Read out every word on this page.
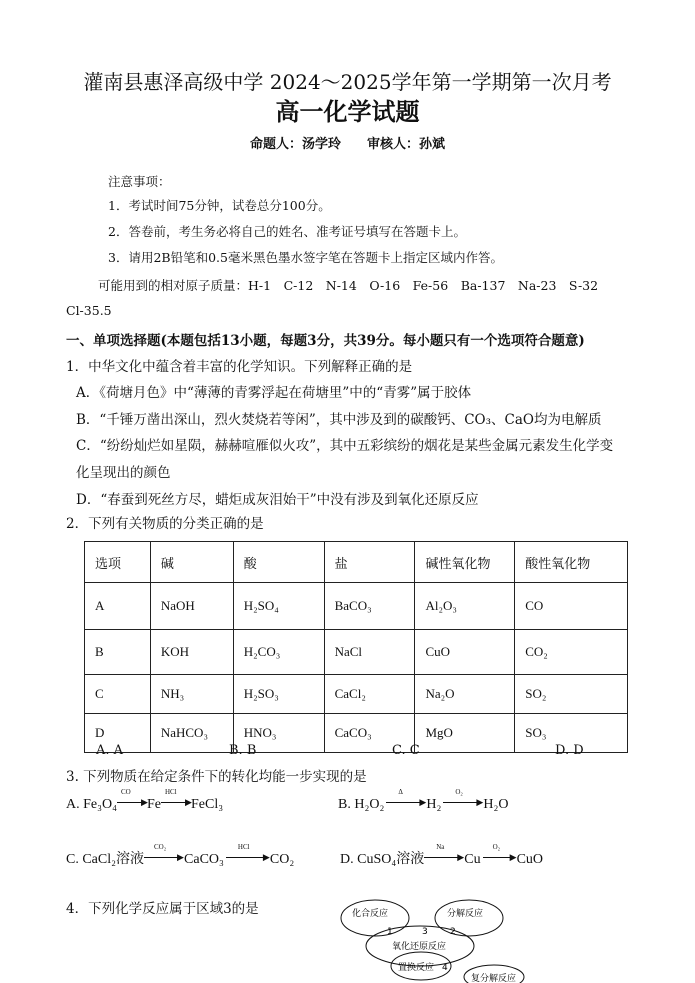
灌南县惠泽高级中学 2024～2025学年第一学期第一次月考
高一化学试题
命题人：汤学玲　　审核人：孙斌
注意事项：
1．考试时间75分钟，试卷总分100分。
2．答卷前，考生务必将自己的姓名、准考证号填写在答题卡上。
3．请用2B铅笔和0.5毫米黑色墨水签字笔在答题卡上指定区域内作答。
可能用到的相对原子质量：H-1　C-12　N-14　O-16　Fe-56　Ba-137　Na-23　S-32
Cl-35.5
一、单项选择题(本题包括13小题，每题3分，共39分。每小题只有一个选项符合题意)
1．中华文化中蕴含着丰富的化学知识。下列解释正确的是
A．《荷塘月色》中“薄薄的青雾浮起在荷塘里”中的“青雾”属于胶体
B．“千锤万凿出深山，烈火焚烧若等闲”，其中涉及到的碳酸钙、CO₃、CaO均为电解质
C．“纷纷灿烂如星陨，赫赫喧雁似火攻”，其中五彩缤纷的烟花是某些金属元素发生化学变
化呈现出的颜色
D．“春蚕到死丝方尽，蜡炬成灰泪始干”中没有涉及到氧化还原反应
2．下列有关物质的分类正确的是
选项	碱	酸	盐	碱性氧化物	酸性氧化物
A	NaOH	H₂SO₄	BaCO₃	Al₂O₃	CO
B	KOH	H₂CO₃	NaCl	CuO	CO₂
C	NH₃	H₂SO₃	CaCl₂	Na₂O	SO₂
D	NaHCO₃	HNO₃	CaCO₃	MgO	SO₃
A. A	B. B	C. C	D. D
3. 下列物质在给定条件下的转化均能一步实现的是
A. Fe₃O₄
CO
▶ Fe
HCl
▶ FeCl₃	B. H₂O₂
Δ
▶ H₂
O₂
▶ H₂O
C. CaCl₂溶液
CO₂
▶ CaCO₃
HCl
▶ CO₂	D. CuSO₄溶液
Na
▶ Cu
O₂
▶ CuO
4．下列化学反应属于区域3的是	化合反应	分解反应
氧化还原反应
置换反应
复分解反应
1	3 2
4
